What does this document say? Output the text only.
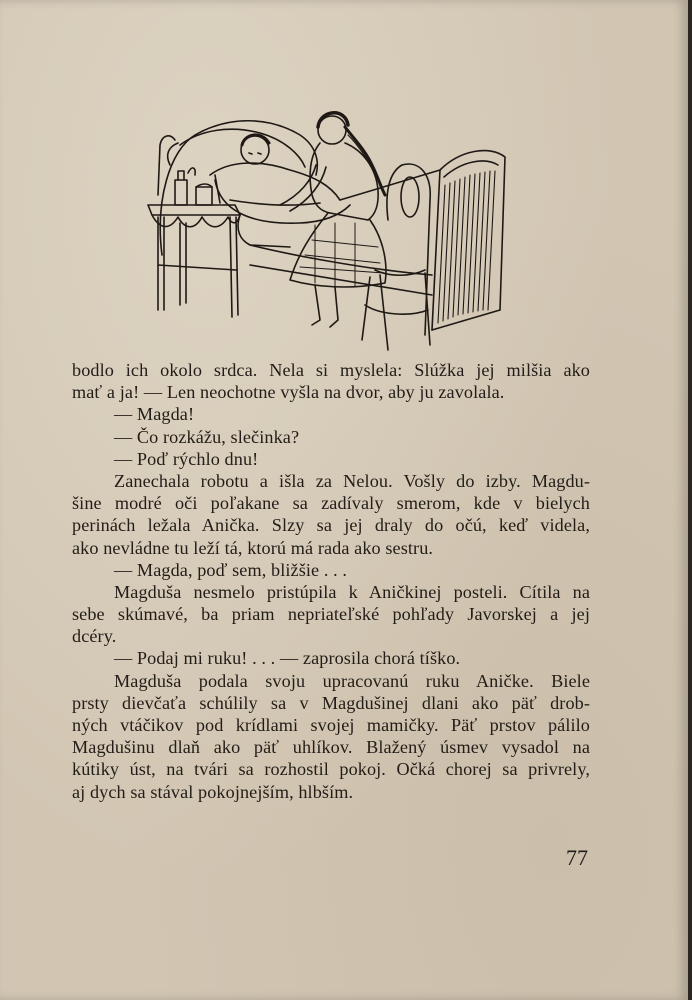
bodlo ich okolo srdca. Nela si myslela: Slúžka jej milšia ako
mať a ja! — Len neochotne vyšla na dvor, aby ju zavolala.
— Magda!
— Čo rozkážu, slečinka?
— Poď rýchlo dnu!
Zanechala robotu a išla za Nelou. Vošly do izby. Magdu-
šine modré oči poľakane sa zadívaly smerom, kde v bielych
perinách ležala Anička. Slzy sa jej draly do očú, keď videla,
ako nevládne tu leží tá, ktorú má rada ako sestru.
— Magda, poď sem, bližšie . . .
Magduša nesmelo pristúpila k Aničkinej posteli. Cítila na
sebe skúmavé, ba priam nepriateľské pohľady Javorskej a jej
dcéry.
— Podaj mi ruku! . . . — zaprosila chorá tíško.
Magduša podala svoju upracovanú ruku Aničke. Biele
prsty dievčaťa schúlily sa v Magdušinej dlani ako päť drob-
ných vtáčikov pod krídlami svojej mamičky. Päť prstov pálilo
Magdušinu dlaň ako päť uhlíkov. Blažený úsmev vysadol na
kútiky úst, na tvári sa rozhostil pokoj. Očká chorej sa privrely,
aj dych sa stával pokojnejším, hlbším.
77
